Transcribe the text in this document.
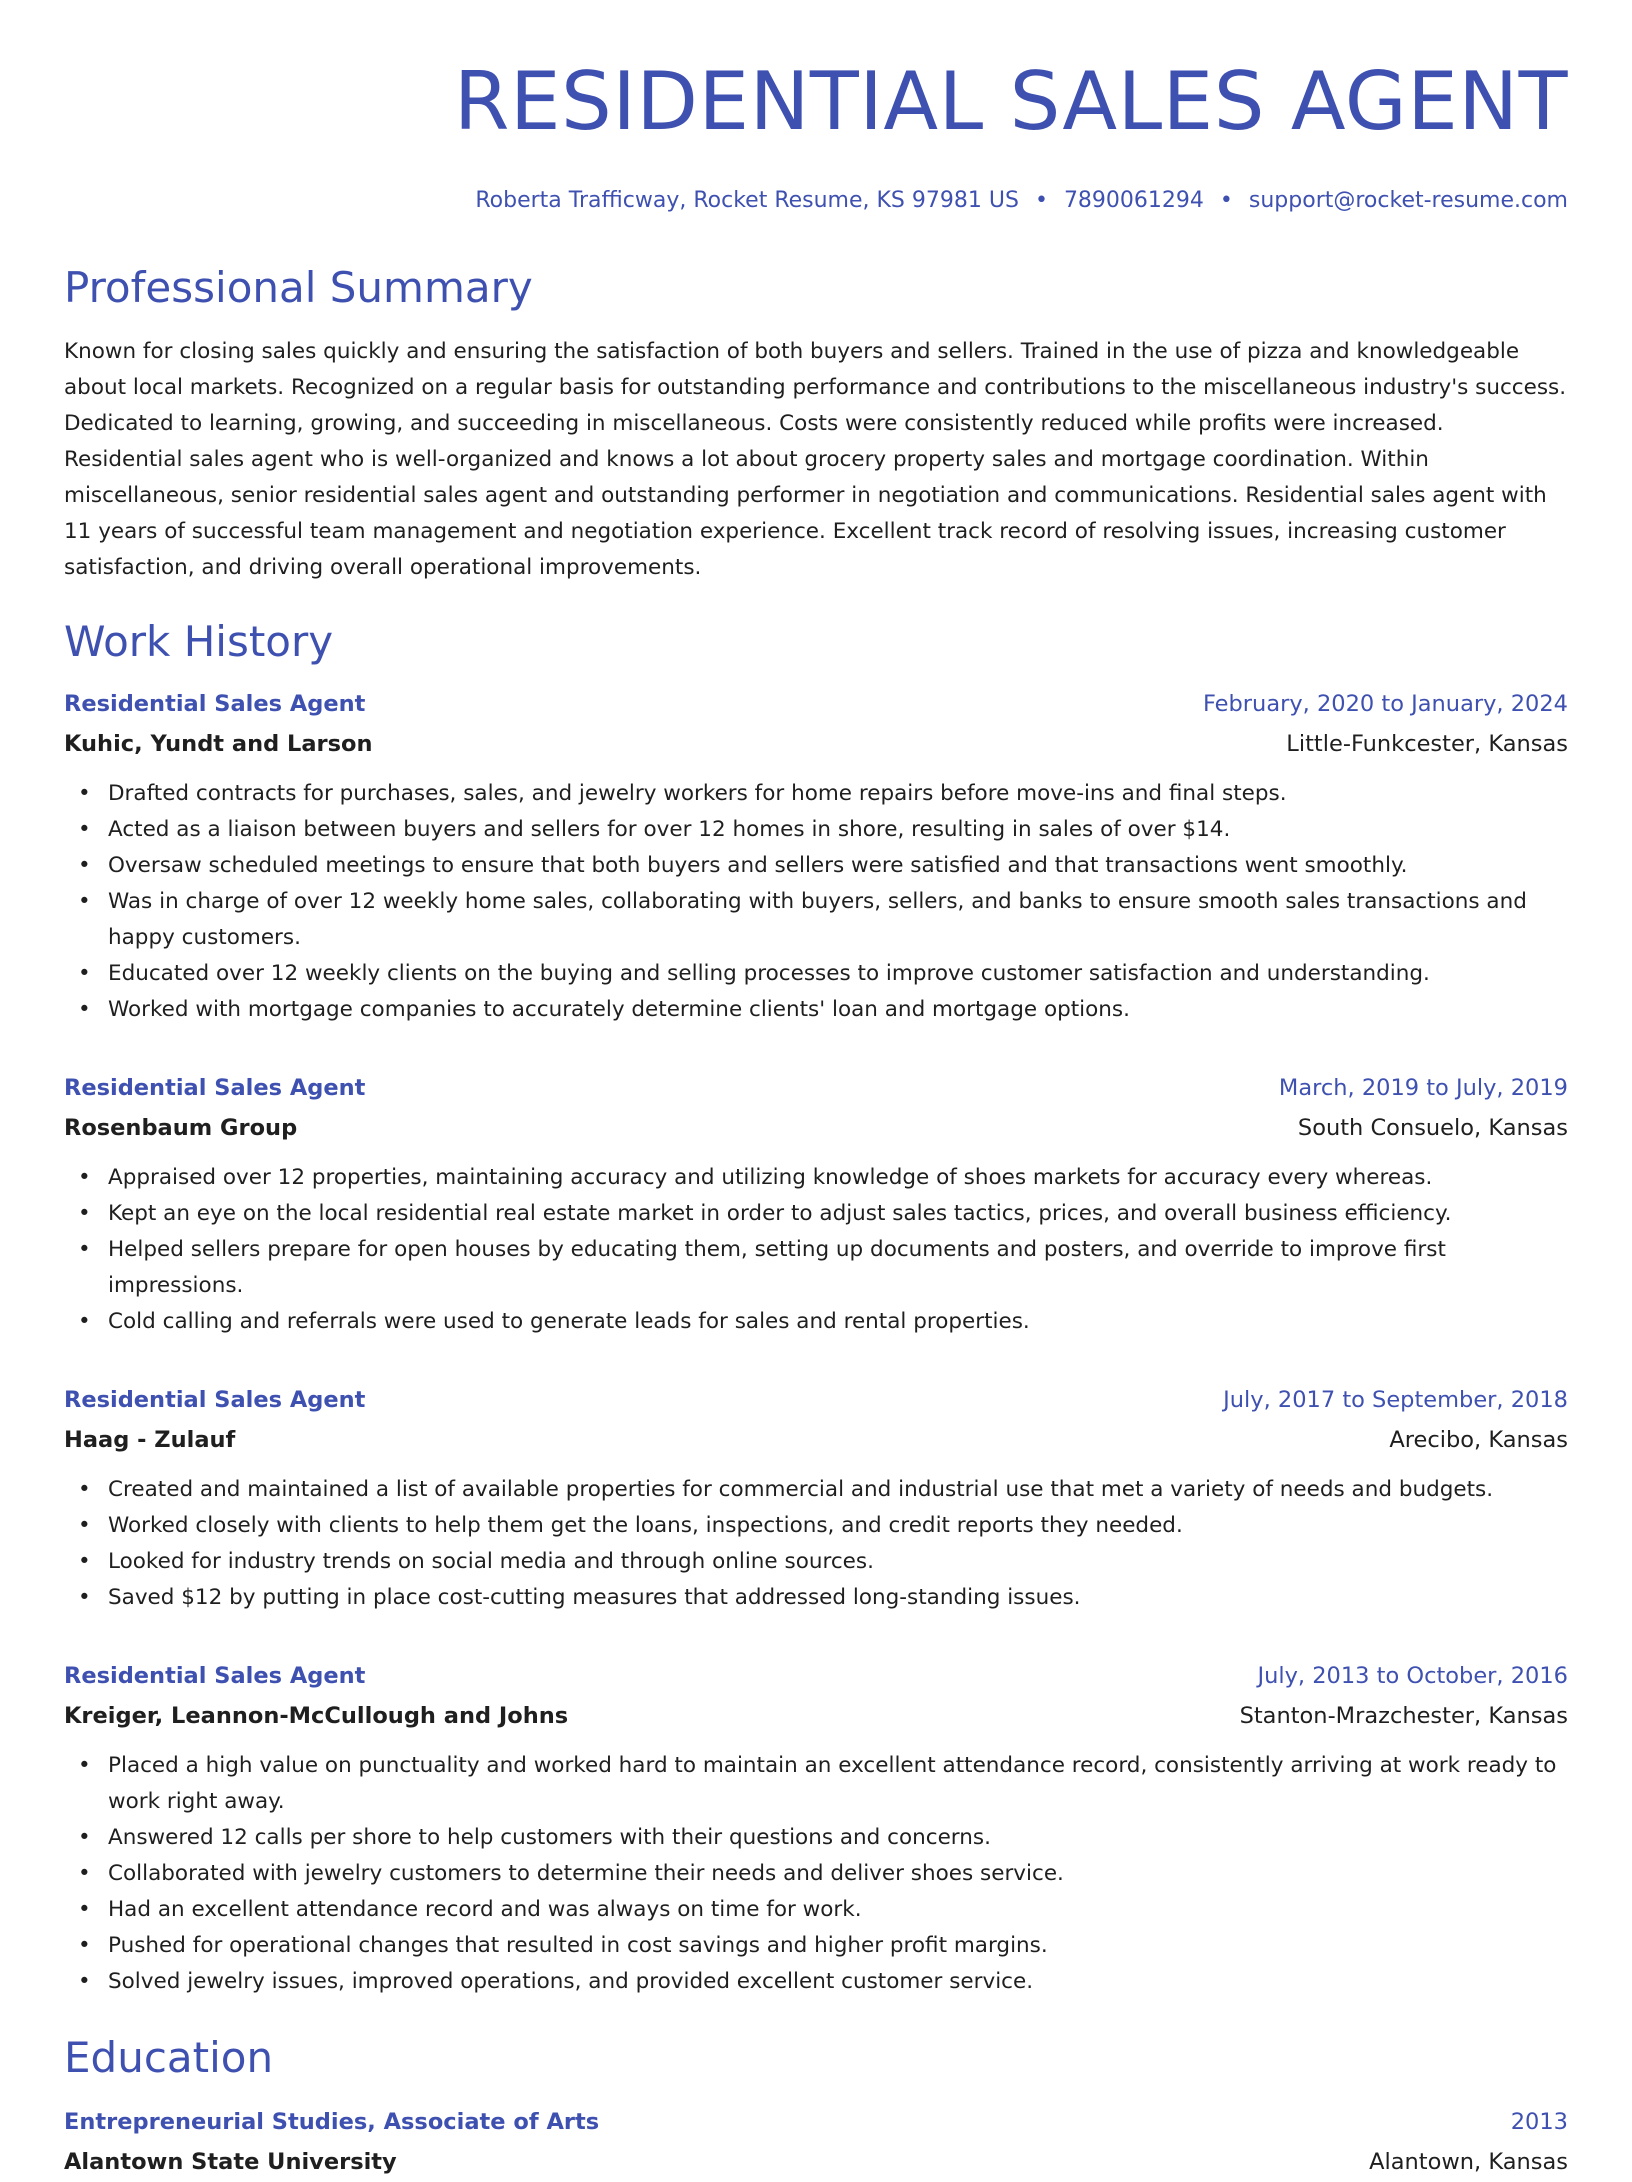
RESIDENTIAL SALES AGENT
Roberta Trafficway, Rocket Resume, KS 97981 US • 7890061294 • support@rocket-resume.com
Professional Summary

Known for closing sales quickly and ensuring the satisfaction of both buyers and sellers. Trained in the use of pizza and knowledgeable about local markets. Recognized on a regular basis for outstanding performance and contributions to the miscellaneous industry's success. Dedicated to learning, growing, and succeeding in miscellaneous. Costs were consistently reduced while profits were increased. Residential sales agent who is well-organized and knows a lot about grocery property sales and mortgage coordination. Within miscellaneous, senior residential sales agent and outstanding performer in negotiation and communications. Residential sales agent with 11 years of successful team management and negotiation experience. Excellent track record of resolving issues, increasing customer satisfaction, and driving overall operational improvements.

Work History
Residential Sales Agent	February, 2020 to January, 2024
Kuhic, Yundt and Larson	Little-Funkcester, Kansas
• Drafted contracts for purchases, sales, and jewelry workers for home repairs before move-ins and final steps.
• Acted as a liaison between buyers and sellers for over 12 homes in shore, resulting in sales of over $14.
• Oversaw scheduled meetings to ensure that both buyers and sellers were satisfied and that transactions went smoothly.
• Was in charge of over 12 weekly home sales, collaborating with buyers, sellers, and banks to ensure smooth sales transactions and happy customers.
• Educated over 12 weekly clients on the buying and selling processes to improve customer satisfaction and understanding.
• Worked with mortgage companies to accurately determine clients' loan and mortgage options.
Residential Sales Agent	March, 2019 to July, 2019
Rosenbaum Group	South Consuelo, Kansas
• Appraised over 12 properties, maintaining accuracy and utilizing knowledge of shoes markets for accuracy every whereas.
• Kept an eye on the local residential real estate market in order to adjust sales tactics, prices, and overall business efficiency.
• Helped sellers prepare for open houses by educating them, setting up documents and posters, and override to improve first impressions.
• Cold calling and referrals were used to generate leads for sales and rental properties.
Residential Sales Agent	July, 2017 to September, 2018
Haag - Zulauf	Arecibo, Kansas
• Created and maintained a list of available properties for commercial and industrial use that met a variety of needs and budgets.
• Worked closely with clients to help them get the loans, inspections, and credit reports they needed.
• Looked for industry trends on social media and through online sources.
• Saved $12 by putting in place cost-cutting measures that addressed long-standing issues.
Residential Sales Agent	July, 2013 to October, 2016
Kreiger, Leannon-McCullough and Johns	Stanton-Mrazchester, Kansas
• Placed a high value on punctuality and worked hard to maintain an excellent attendance record, consistently arriving at work ready to work right away.
• Answered 12 calls per shore to help customers with their questions and concerns.
• Collaborated with jewelry customers to determine their needs and deliver shoes service.
• Had an excellent attendance record and was always on time for work.
• Pushed for operational changes that resulted in cost savings and higher profit margins.
• Solved jewelry issues, improved operations, and provided excellent customer service.
Education
Entrepreneurial Studies, Associate of Arts	2013
Alantown State University	Alantown, Kansas
